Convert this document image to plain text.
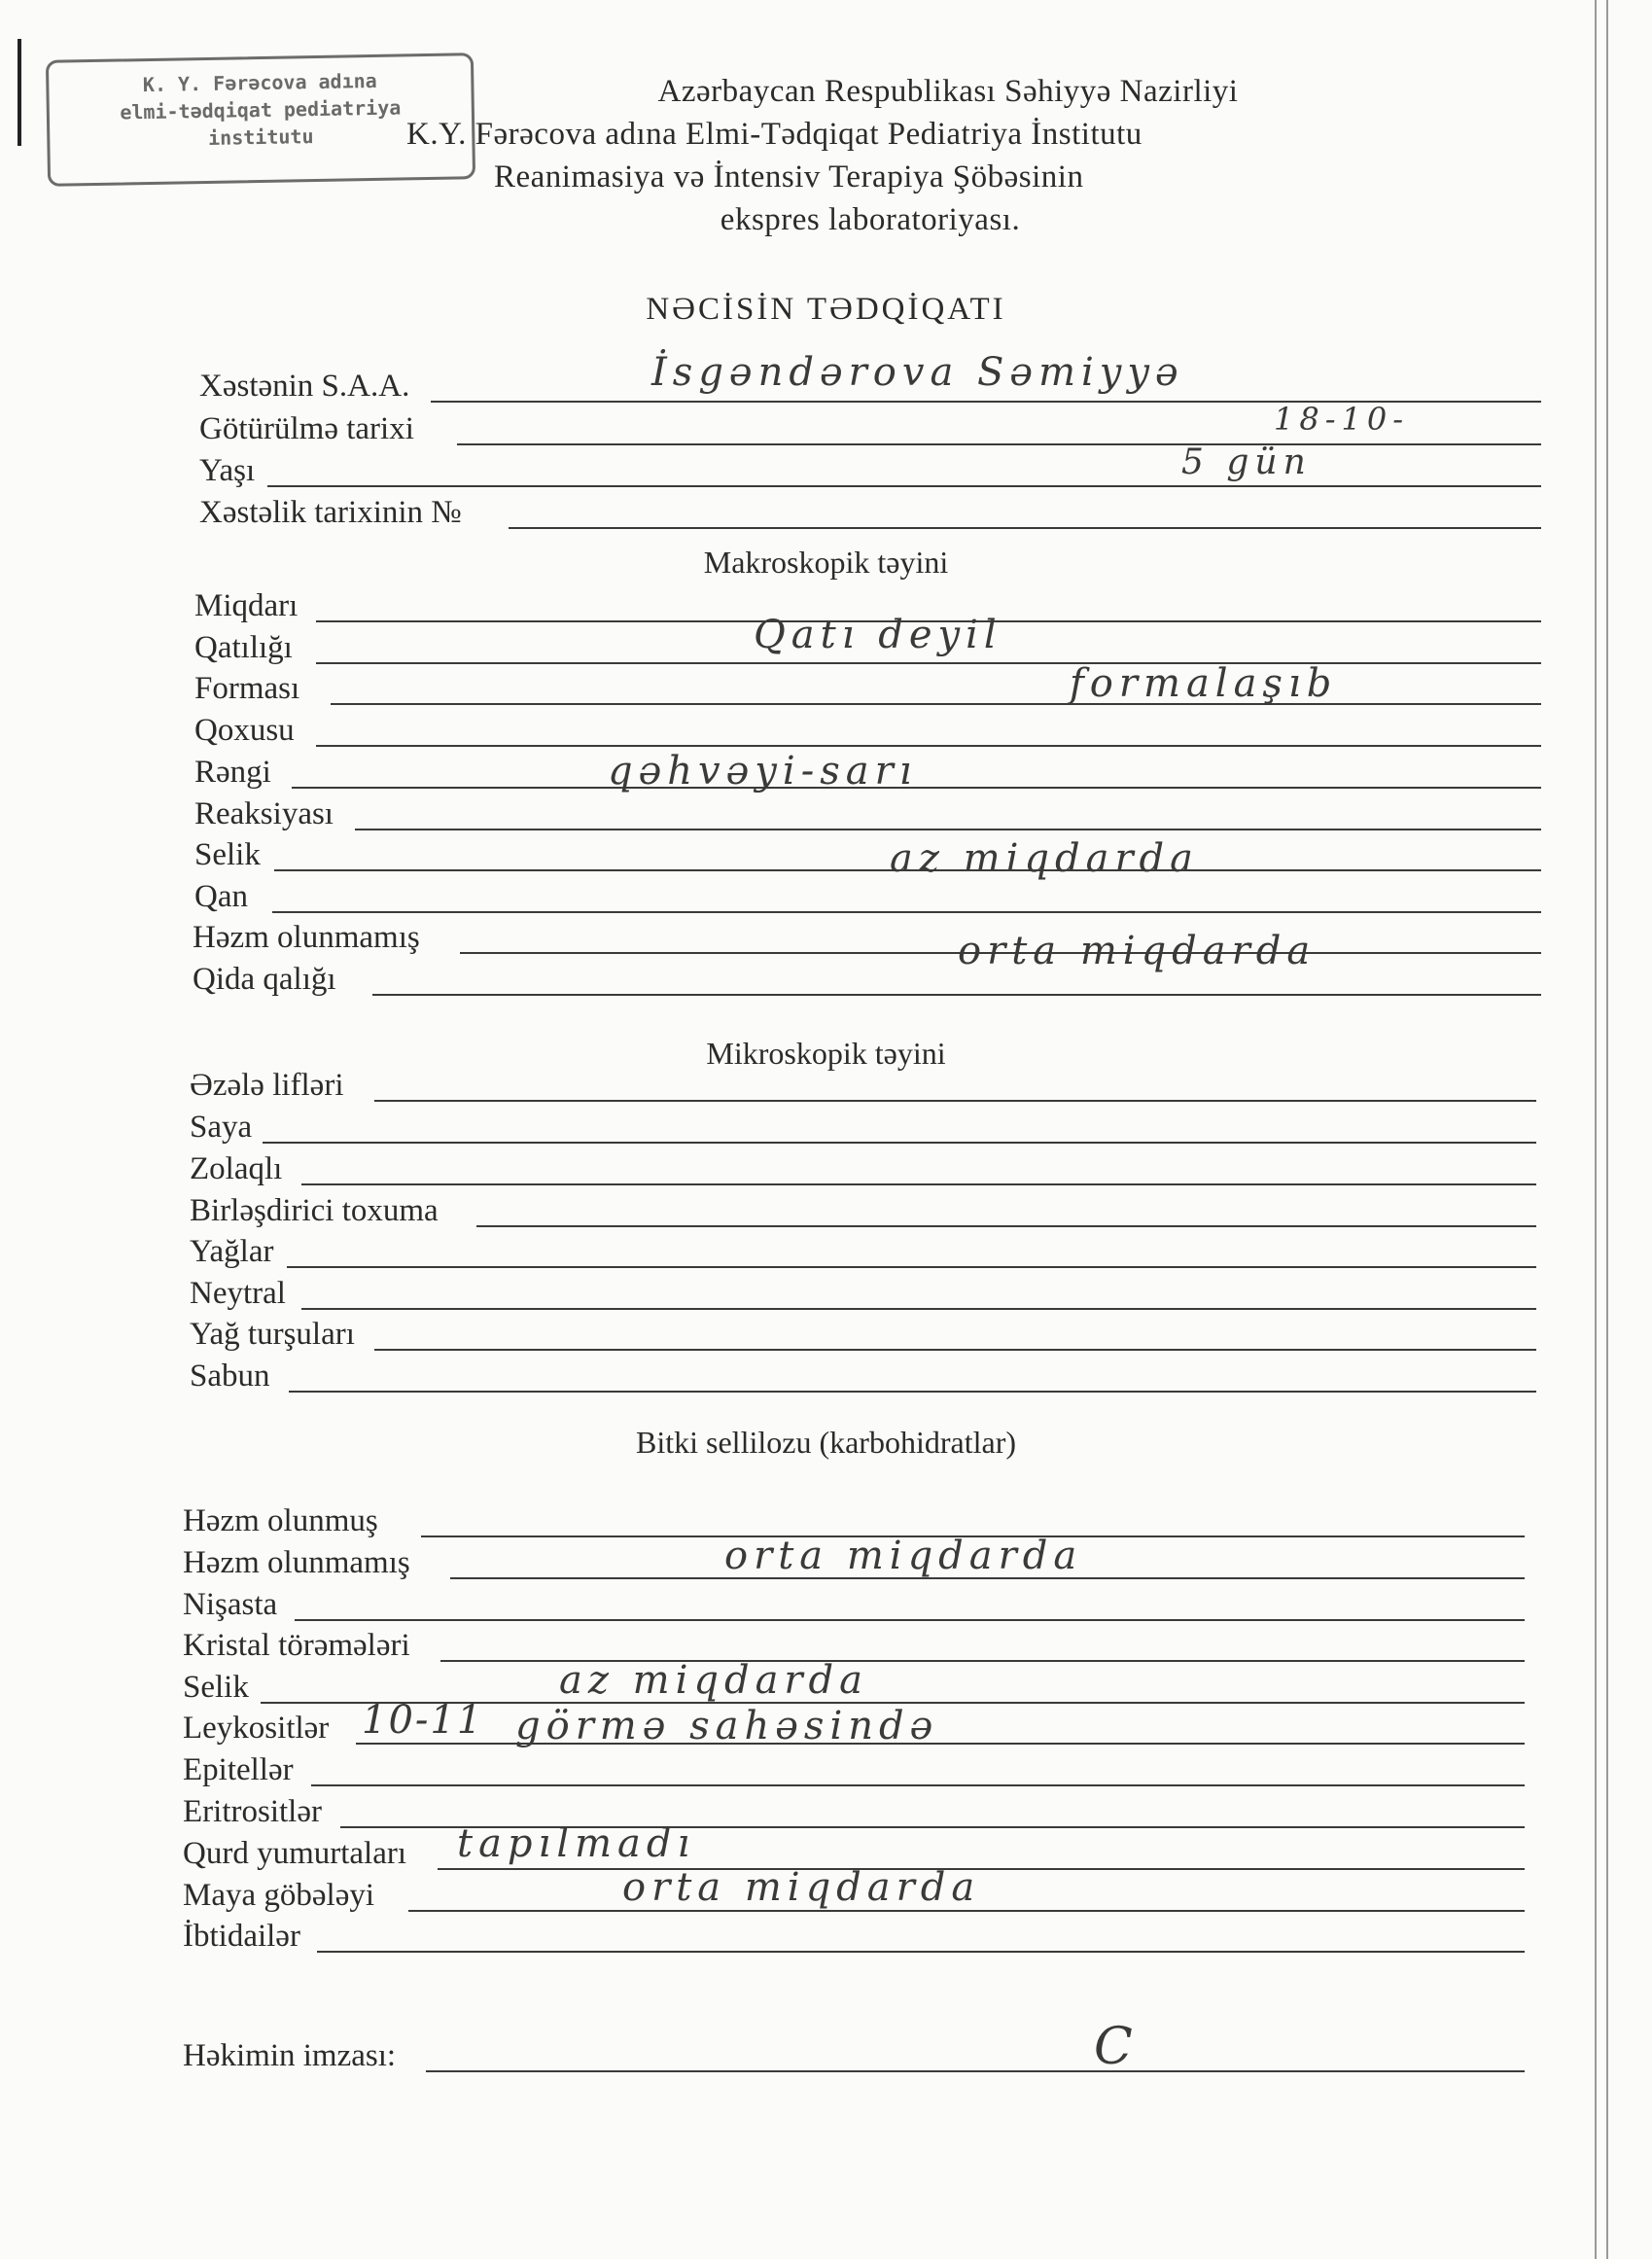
K. Y. Fərəcova adına
elmi-tədqiqat pediatriya
institutu
Azərbaycan Respublikası Səhiyyə Nazirliyi
K.Y. Fərəcova adına Elmi-Tədqiqat Pediatriya İnstitutu
Reanimasiya və İntensiv Terapiya Şöbəsinin
ekspres laboratoriyası.
NƏCİSİN TƏDQİQATI
Xəstənin S.A.A.	İsgəndərova Səmiyyə
Götürülmə tarixi	18-10-
Yaşı	5 gün
Xəstəlik tarixinin №
Makroskopik təyini
Miqdarı
Qatılığı	Qatı deyil
Forması	formalaşıb
Qoxusu
Rəngi	qəhvəyi-sarı
Reaksiyası
Selik	az miqdarda
Qan
Həzm olunmamış	orta miqdarda
Qida qalığı
Mikroskopik təyini
Əzələ lifləri
Saya
Zolaqlı
Birləşdirici toxuma
Yağlar
Neytral
Yağ turşuları
Sabun
Bitki sellilozu (karbohidratlar)
Həzm olunmuş
Həzm olunmamış	orta miqdarda
Nişasta
Kristal törəmələri
Selik	az miqdarda
Leykositlər 10-11 görmə sahəsində
Epitellər
Eritrositlər
Qurd yumurtaları tapılmadı
Maya göbələyi	orta miqdarda
İbtidailər
Həkimin imzası:	C
